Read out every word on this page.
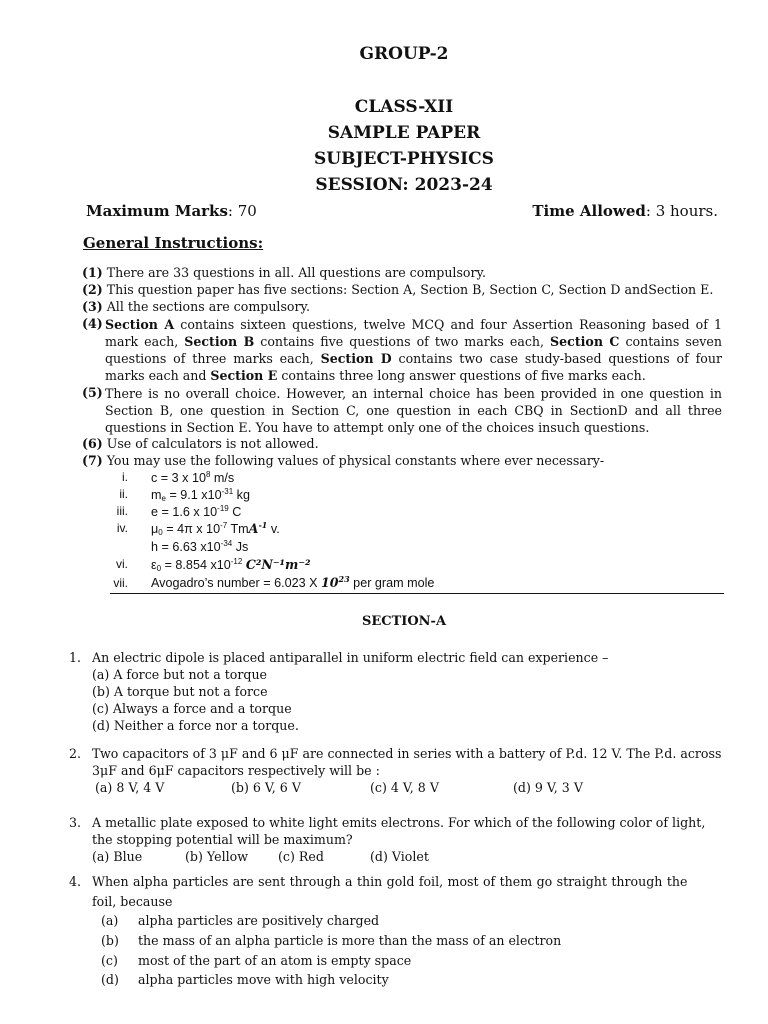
GROUP-2
CLASS-XII
SAMPLE PAPER
SUBJECT-PHYSICS
SESSION: 2023-24
Maximum Marks: 70	Time Allowed: 3 hours.
General Instructions:
(1) There are 33 questions in all. All questions are compulsory.
(2) This question paper has five sections: Section A, Section B, Section C, Section D andSection E.
(3) All the sections are compulsory.
(4) Section A contains sixteen questions, twelve MCQ and four Assertion Reasoning based of 1 mark each, Section B contains five questions of two marks each, Section C contains seven questions of three marks each, Section D contains two case study-based questions of four marks each and Section E contains three long answer questions of five marks each.
(5) There is no overall choice. However, an internal choice has been provided in one question in Section B, one question in Section C, one question in each CBQ in SectionD and all three questions in Section E. You have to attempt only one of the choices insuch questions.
(6) Use of calculators is not allowed.
(7) You may use the following values of physical constants where ever necessary-
i. c = 3 x $10^8$ m/s
ii. $m_e = 9.1$ $x10^{-31}$ kg
iii. e = 1.6 x $10^{-19}$ C
iv. $\mu_0 = 4\pi$ x $10^{-7}$ TmA$^{-1}$ v.
h = 6.63 $x10^{-34}$ Js
vi. $\varepsilon_0 = 8.854$ $x10^{-12}$ C²N⁻¹m⁻²
vii. Avogadro’s number = 6.023 X $10^{23}$ per gram mole
SECTION-A
1. An electric dipole is placed antiparallel in uniform electric field can experience –
(a) A force but not a torque
(b) A torque but not a force
(c) Always a force and a torque
(d) Neither a force nor a torque.
2. Two capacitors of 3 μF and 6 μF are connected in series with a battery of P.d. 12 V. The P.d. across
3μF and 6μF capacitors respectively will be :
(a) 8 V, 4 V	(b) 6 V, 6 V	(c) 4 V, 8 V	(d) 9 V, 3 V
3. A metallic plate exposed to white light emits electrons. For which of the following color of light,
the stopping potential will be maximum?
(a) Blue	(b) Yellow (c) Red	(d) Violet
4. When alpha particles are sent through a thin gold foil, most of them go straight through the
foil, because
(a) alpha particles are positively charged
(b) the mass of an alpha particle is more than the mass of an electron
(c) most of the part of an atom is empty space
(d) alpha particles move with high velocity
